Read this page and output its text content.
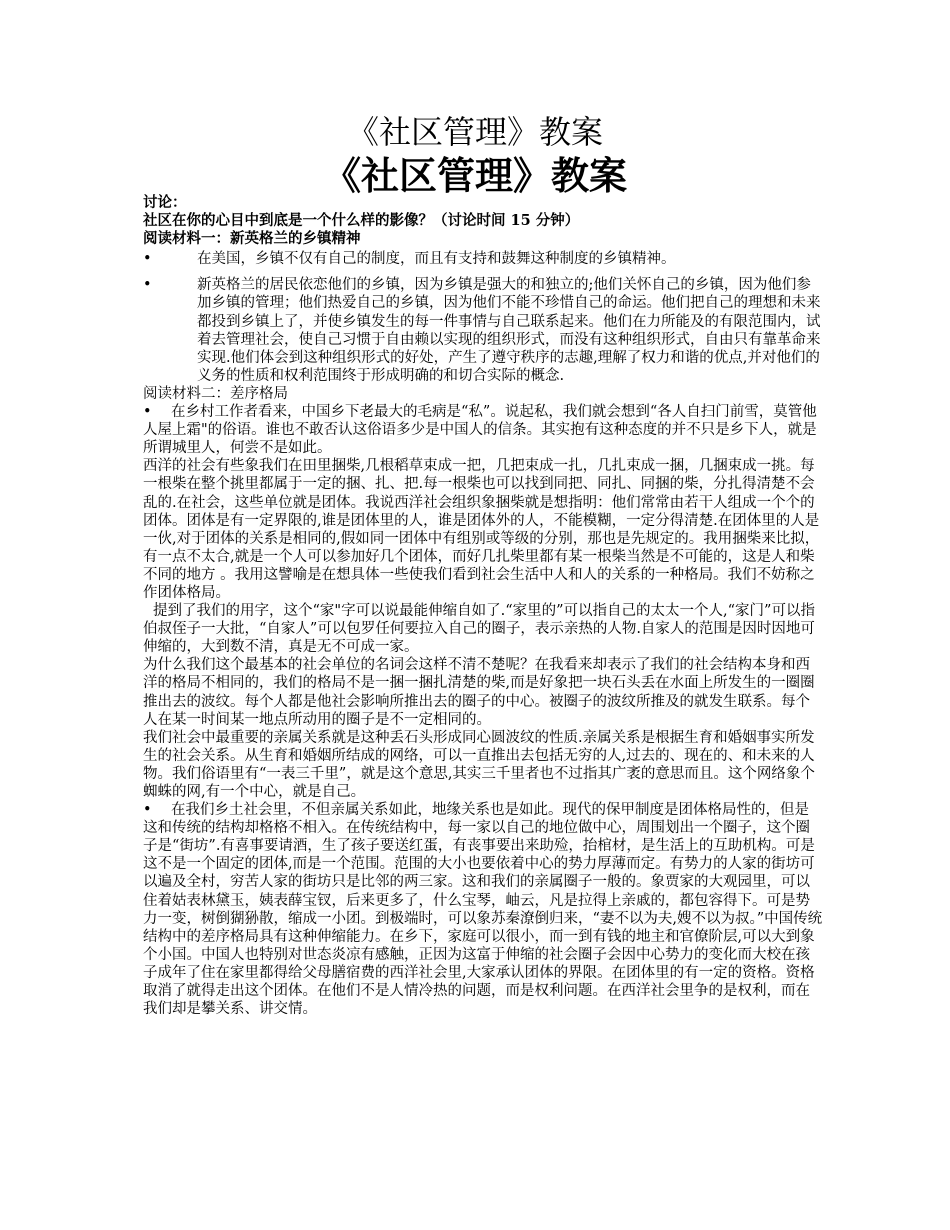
《社区管理》教案
《社区管理》教案

讨论：

社区在你的心目中到底是一个什么样的影像？（讨论时间 15 分钟）

阅读材料一：新英格兰的乡镇精神

•	在美国，乡镇不仅有自己的制度，而且有支持和鼓舞这种制度的乡镇精神。

•	新英格兰的居民依恋他们的乡镇，因为乡镇是强大的和独立的;他们关怀自己的乡镇，因为他们参加乡镇的管理；他们热爱自己的乡镇，因为他们不能不珍惜自己的命运。他们把自己的理想和未来都投到乡镇上了，并使乡镇发生的每一件事情与自己联系起来。他们在力所能及的有限范围内，试着去管理社会，使自己习惯于自由赖以实现的组织形式，而没有这种组织形式，自由只有靠革命来实现.他们体会到这种组织形式的好处，产生了遵守秩序的志趣,理解了权力和谐的优点,并对他们的义务的性质和权利范围终于形成明确的和切合实际的概念.

阅读材料二：差序格局

• 在乡村工作者看来，中国乡下老最大的毛病是“私”。说起私，我们就会想到“各人自扫门前雪，莫管他人屋上霜"的俗语。谁也不敢否认这俗语多少是中国人的信条。其实抱有这种态度的并不只是乡下人，就是所谓城里人，何尝不是如此。

西洋的社会有些象我们在田里捆柴,几根稻草束成一把，几把束成一扎，几扎束成一捆，几捆束成一挑。每一根柴在整个挑里都属于一定的捆、扎、把.每一根柴也可以找到同把、同扎、同捆的柴，分扎得清楚不会乱的.在社会，这些单位就是团体。我说西洋社会组织象捆柴就是想指明：他们常常由若干人组成一个个的团体。团体是有一定界限的,谁是团体里的人，谁是团体外的人，不能模糊，一定分得清楚.在团体里的人是一伙,对于团体的关系是相同的,假如同一团体中有组别或等级的分别，那也是先规定的。我用捆柴来比拟，有一点不太合,就是一个人可以参加好几个团体，而好几扎柴里都有某一根柴当然是不可能的，这是人和柴不同的地方 。我用这譬喻是在想具体一些使我们看到社会生活中人和人的关系的一种格局。我们不妨称之作团体格局。

提到了我们的用字，这个“家"字可以说最能伸缩自如了.“家里的”可以指自己的太太一个人,“家门”可以指伯叔侄子一大批，“自家人”可以包罗任何要拉入自己的圈子，表示亲热的人物.自家人的范围是因时因地可伸缩的，大到数不清，真是无不可成一家。

为什么我们这个最基本的社会单位的名词会这样不清不楚呢？在我看来却表示了我们的社会结构本身和西洋的格局不相同的，我们的格局不是一捆一捆扎清楚的柴,而是好象把一块石头丢在水面上所发生的一圈圈推出去的波纹。每个人都是他社会影响所推出去的圈子的中心。被圈子的波纹所推及的就发生联系。每个人在某一时间某一地点所动用的圈子是不一定相同的。

我们社会中最重要的亲属关系就是这种丢石头形成同心圆波纹的性质.亲属关系是根据生育和婚姻事实所发生的社会关系。从生育和婚姻所结成的网络，可以一直推出去包括无穷的人,过去的、现在的、和未来的人物。我们俗语里有“一表三千里”，就是这个意思,其实三千里者也不过指其广袤的意思而且。这个网络象个蜘蛛的网,有一个中心，就是自己。

• 在我们乡土社会里，不但亲属关系如此，地缘关系也是如此。现代的保甲制度是团体格局性的，但是这和传统的结构却格格不相入。在传统结构中，每一家以自己的地位做中心，周围划出一个圈子，这个圈子是“街坊”.有喜事要请酒，生了孩子要送红蛋，有丧事要出来助殓，抬棺材，是生活上的互助机构。可是这不是一个固定的团体,而是一个范围。范围的大小也要依着中心的势力厚薄而定。有势力的人家的街坊可以遍及全村，穷苦人家的街坊只是比邻的两三家。这和我们的亲属圈子一般的。象贾家的大观园里，可以住着姑表林黛玉，姨表薛宝钗，后来更多了，什么宝琴，岫云，凡是拉得上亲戚的，都包容得下。可是势力一变，树倒猢狲散，缩成一小团。到极端时，可以象苏秦潦倒归来，“妻不以为夫,嫂不以为叔。”中国传统结构中的差序格局具有这种伸缩能力。在乡下，家庭可以很小，而一到有钱的地主和官僚阶层,可以大到象个小国。中国人也特别对世态炎凉有感触，正因为这富于伸缩的社会圈子会因中心势力的变化而大校在孩子成年了住在家里都得给父母膳宿费的西洋社会里,大家承认团体的界限。在团体里的有一定的资格。资格取消了就得走出这个团体。在他们不是人情冷热的问题，而是权利问题。在西洋社会里争的是权利，而在我们却是攀关系、讲交情。
